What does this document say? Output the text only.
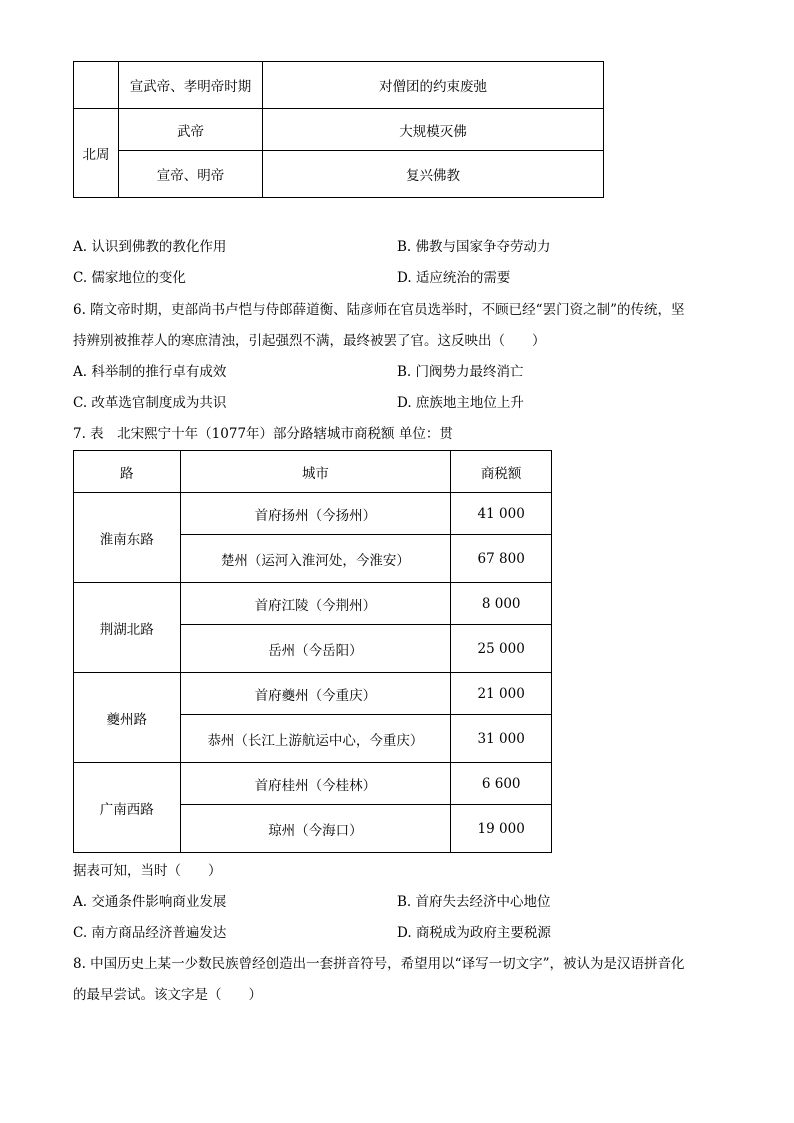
	宣武帝、孝明帝时期	对僧团的约束废弛
北周	武帝	大规模灭佛
	宣帝、明帝	复兴佛教
A. 认识到佛教的教化作用	B. 佛教与国家争夺劳动力
C. 儒家地位的变化	D. 适应统治的需要
6. 隋文帝时期，吏部尚书卢恺与侍郎薛道衡、陆彦师在官员选举时，不顾已经“罢门资之制”的传统，坚
持辨别被推荐人的寒庶清浊，引起强烈不满，最终被罢了官。这反映出（　　）
A. 科举制的推行卓有成效	B. 门阀势力最终消亡
C. 改革选官制度成为共识	D. 庶族地主地位上升
7. 表　北宋熙宁十年（1077年）部分路辖城市商税额 单位：贯
路	城市	商税额
淮南东路	首府扬州（今扬州）	41 000
	楚州（运河入淮河处，今淮安）	67 800
荆湖北路	首府江陵（今荆州）	8 000
	岳州（今岳阳）	25 000
夔州路	首府夔州（今重庆）	21 000
	恭州（长江上游航运中心，今重庆）	31 000
广南西路	首府桂州（今桂林）	6 600
	琼州（今海口）	19 000
据表可知，当时（　　）
A. 交通条件影响商业发展	B. 首府失去经济中心地位
C. 南方商品经济普遍发达	D. 商税成为政府主要税源
8. 中国历史上某一少数民族曾经创造出一套拼音符号，希望用以“译写一切文字”，被认为是汉语拼音化
的最早尝试。该文字是（　　）
